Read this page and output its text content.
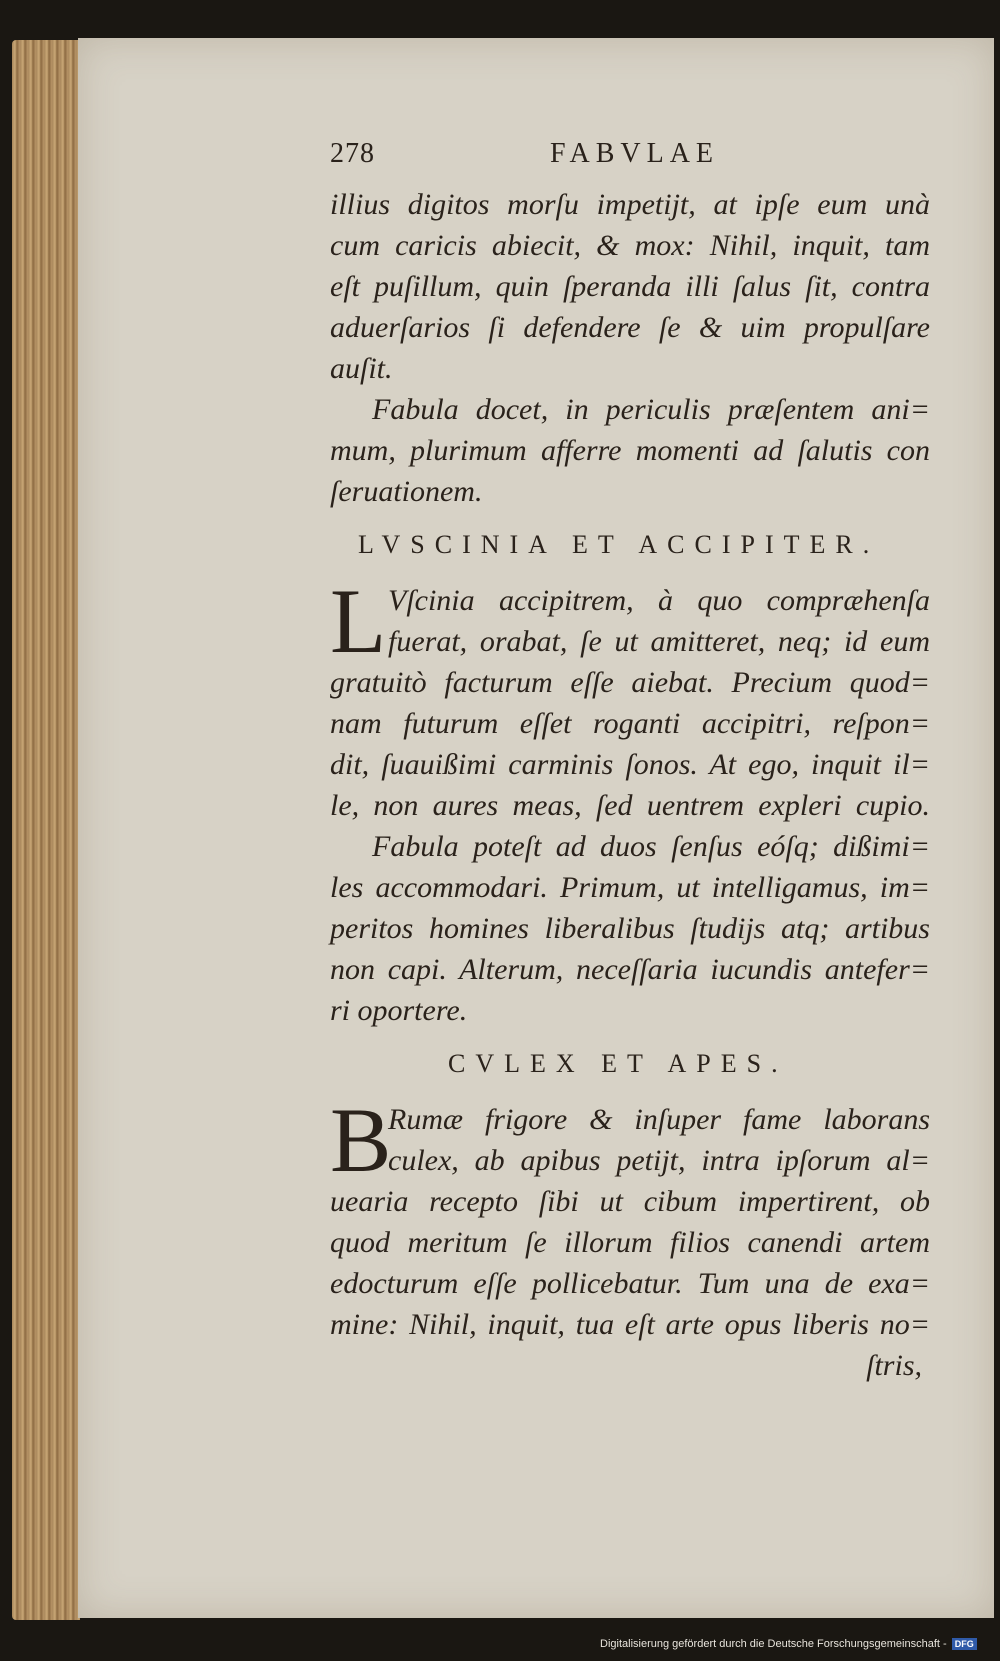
278	FABVLAE

illius digitos morſu impetijt, at ipſe eum unà
cum caricis abiecit, & mox: Nihil, inquit, tam
eſt puſillum, quin ſperanda illi ſalus ſit, contra
aduerſarios ſi defendere ſe & uim propulſare
auſit.

Fabula docet, in periculis præſentem ani=
mum, plurimum afferre momenti ad ſalutis con
ſeruationem.

LVSCINIA ET ACCIPITER.
L Vſcinia accipitrem, à quo compræhenſa
fuerat, orabat, ſe ut amitteret, neq; id eum
gratuitò facturum eſſe aiebat. Precium quod=
nam futurum eſſet roganti accipitri, reſpon=
dit, ſuauißimi carminis ſonos. At ego, inquit il=
le, non aures meas, ſed uentrem expleri cupio.

Fabula poteſt ad duos ſenſus eóſq; dißimi=
les accommodari. Primum, ut intelligamus, im=
peritos homines liberalibus ſtudijs atq; artibus
non capi. Alterum, neceſſaria iucundis antefer=
ri oportere.

CVLEX ET APES.
B

Rumæ frigore & inſuper fame laborans
culex, ab apibus petijt, intra ipſorum al=
uearia recepto ſibi ut cibum impertirent, ob
quod meritum ſe illorum filios canendi artem
edocturum eſſe pollicebatur. Tum una de exa=
mine: Nihil, inquit, tua eſt arte opus liberis no=
ſtris,

Digitalisierung gefördert durch die Deutsche Forschungsgemeinschaft - DFG
